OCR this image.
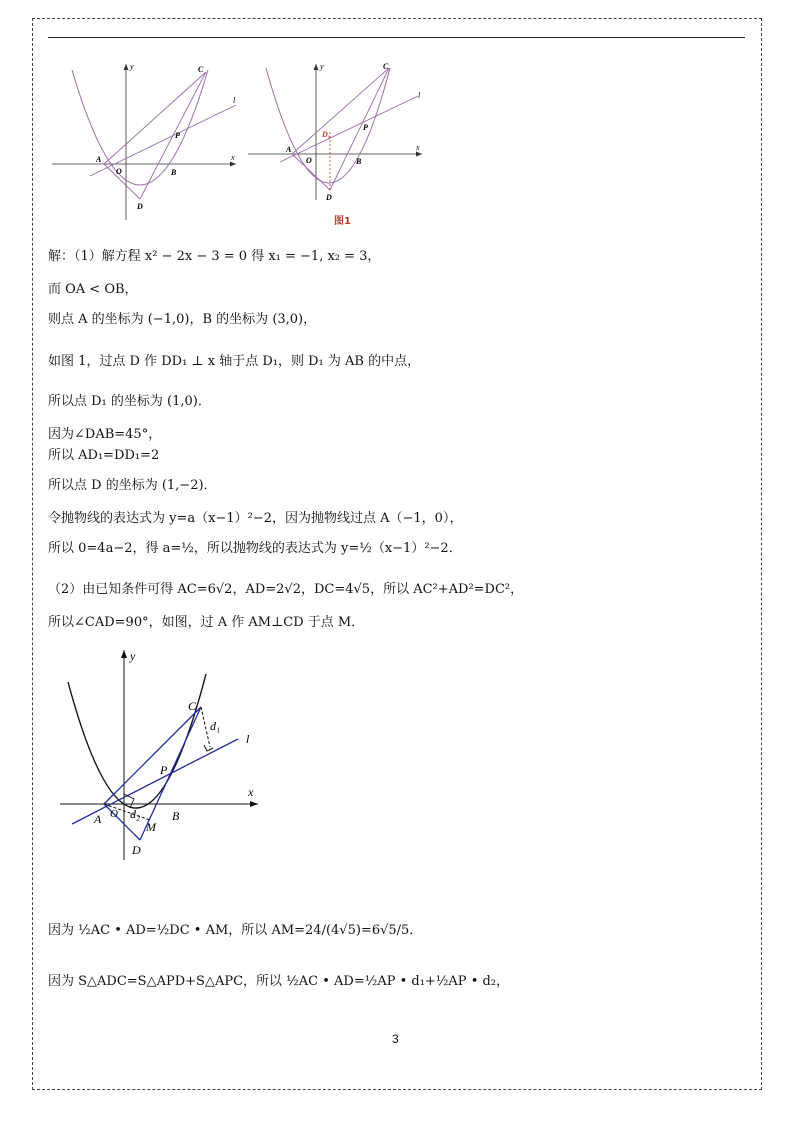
y
x
l
C
P
A
O	B
D
y
x
l
C
D₁
P
A
O	B
D
图1
解：（1）解方程 x² − 2x − 3 = 0 得 x₁ = −1, x₂ = 3，
而 OA < OB，
则点 A 的坐标为 (−1,0)，B 的坐标为 (3,0)，
如图 1，过点 D 作 DD₁ ⊥ x 轴于点 D₁，则 D₁ 为 AB 的中点，
所以点 D₁ 的坐标为 (1,0)．
因为∠DAB=45°，
所以 AD₁=DD₁=2
所以点 D 的坐标为 (1,−2)．
令抛物线的表达式为 y=a（x−1）²−2，因为抛物线过点 A（−1，0），
所以 0=4a−2，得 a=½，所以抛物线的表达式为 y=½（x−1）²−2．
（2）由已知条件可得 AC=6√2，AD=2√2，DC=4√5，所以 AC²+AD²=DC²，
所以∠CAD=90°，如图，过 A 作 AM⊥CD 于点 M．
y
x
l
C
d₁
P
A O d₂
M
B
D
因为 ½AC • AD=½DC • AM，所以 AM=24/(4√5)=6√5/5．
因为 S△ADC=S△APD+S△APC，所以 ½AC • AD=½AP • d₁+½AP • d₂，
3
